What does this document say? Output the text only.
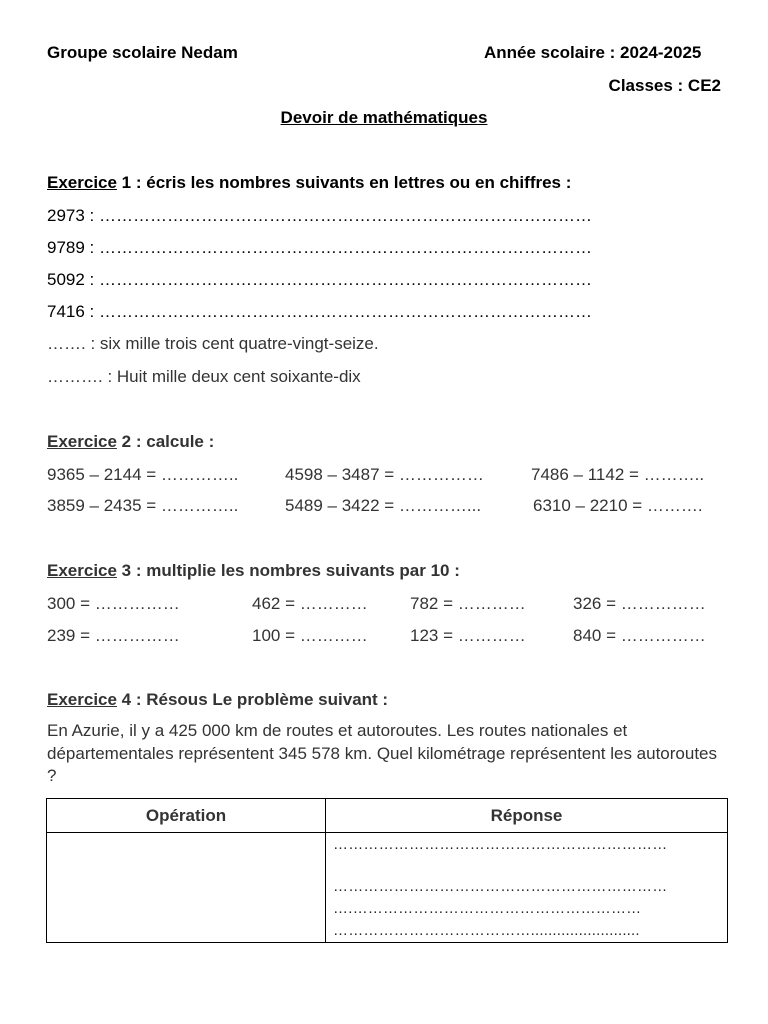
Groupe scolaire Nedam	Année scolaire : 2024-2025
Classes : CE2
Devoir de mathématiques
Exercice 1 : écris les nombres suivants en lettres ou en chiffres :
2973 : ……………………………………………………………………………
9789 : ……………………………………………………………………………
5092 : ……………………………………………………………………………
7416 : ……………………………………………………………………………
……. : six mille trois cent quatre-vingt-seize.
………. : Huit mille deux cent soixante-dix
Exercice 2 : calcule :
9365 – 2144 = …………..	4598 – 3487 = ……………	7486 – 1142 = ………..
3859 – 2435 = …………..	5489 – 3422 = …………...	6310 – 2210 = ……….
Exercice 3 : multiplie les nombres suivants par 10 :
300 = ……………	462 = ………… 782 = …………	326 = ……………
239 = ……………	100 = ………… 123 = …………	840 = ……………
Exercice 4 : Résous Le problème suivant :
En Azurie, il y a 425 000 km de routes et autoroutes. Les routes nationales et départementales représentent 345 578 km. Quel kilométrage représentent les autoroutes ?
Opération	Réponse

	…………………………………………………………
…………………………………………………………
….…………………………………………………
………………………………….........................
